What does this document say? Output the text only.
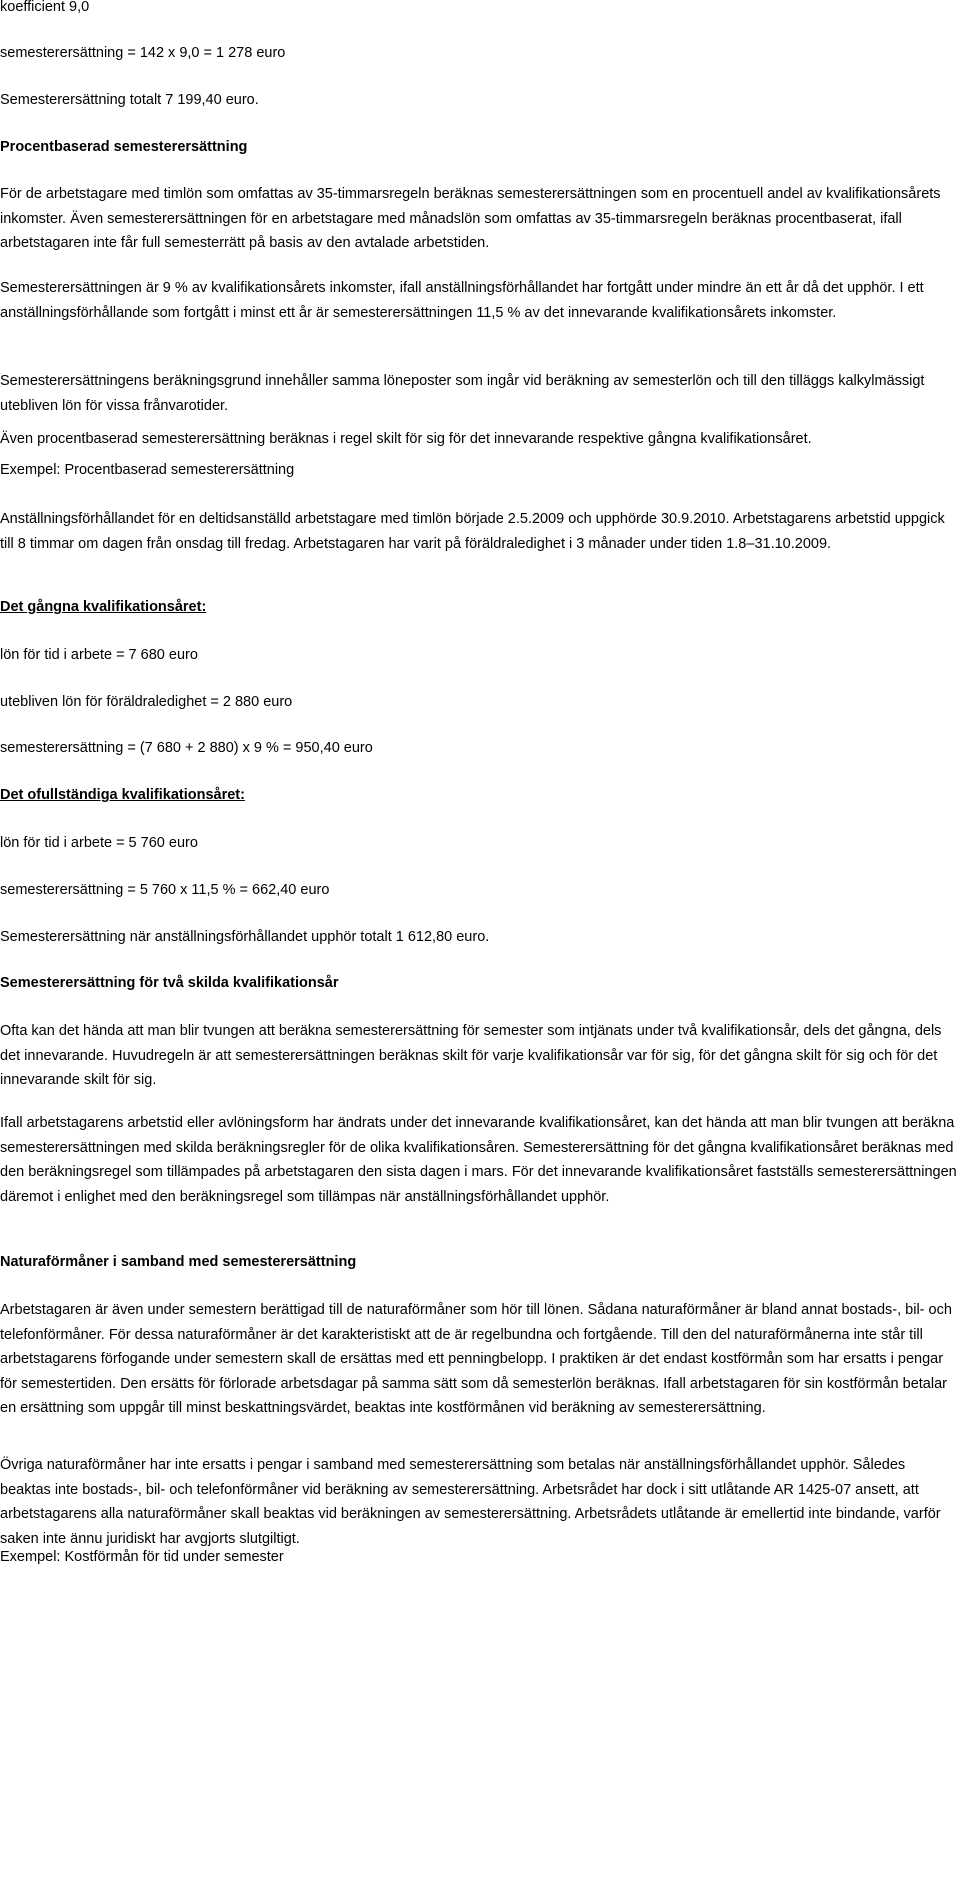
koefficient 9,0

semesterersättning = 142 x 9,0 = 1 278 euro

Semesterersättning totalt 7 199,40 euro.

Procentbaserad semesterersättning

För de arbetstagare med timlön som omfattas av 35-timmarsregeln beräknas semesterersättningen som en procentuell andel av kvalifikationsårets inkomster. Även semesterersättningen för en arbetstagare med månadslön som omfattas av 35-timmarsregeln beräknas procentbaserat, ifall arbetstagaren inte får full semesterrätt på basis av den avtalade arbetstiden.

Semesterersättningen är 9 % av kvalifikationsårets inkomster, ifall anställningsförhållandet har fortgått under mindre än ett år då det upphör. I ett anställningsförhållande som fortgått i minst ett år är semesterersättningen 11,5 % av det innevarande kvalifikationsårets inkomster.

Semesterersättningens beräkningsgrund innehåller samma löneposter som ingår vid beräkning av semesterlön och till den tilläggs kalkylmässigt utebliven lön för vissa frånvarotider.

Även procentbaserad semesterersättning beräknas i regel skilt för sig för det innevarande respektive gångna kvalifikationsåret.

Exempel: Procentbaserad semesterersättning

Anställningsförhållandet för en deltidsanställd arbetstagare med timlön började 2.5.2009 och upphörde 30.9.2010. Arbetstagarens arbetstid uppgick till 8 timmar om dagen från onsdag till fredag. Arbetstagaren har varit på föräldraledighet i 3 månader under tiden 1.8–31.10.2009.

Det gångna kvalifikationsåret:

lön för tid i arbete = 7 680 euro

utebliven lön för föräldraledighet = 2 880 euro

semesterersättning = (7 680 + 2 880) x 9 % = 950,40 euro

Det ofullständiga kvalifikationsåret:

lön för tid i arbete = 5 760 euro

semesterersättning = 5 760 x 11,5 % = 662,40 euro

Semesterersättning när anställningsförhållandet upphör totalt 1 612,80 euro.

Semesterersättning för två skilda kvalifikationsår

Ofta kan det hända att man blir tvungen att beräkna semesterersättning för semester som intjänats under två kvalifikationsår, dels det gångna, dels det innevarande. Huvudregeln är att semesterersättningen beräknas skilt för varje kvalifikationsår var för sig, för det gångna skilt för sig och för det innevarande skilt för sig.

Ifall arbetstagarens arbetstid eller avlöningsform har ändrats under det innevarande kvalifikationsåret, kan det hända att man blir tvungen att beräkna semesterersättningen med skilda beräkningsregler för de olika kvalifikationsåren. Semesterersättning för det gångna kvalifikationsåret beräknas med den beräkningsregel som tillämpades på arbetstagaren den sista dagen i mars. För det innevarande kvalifikationsåret fastställs semesterersättningen däremot i enlighet med den beräkningsregel som tillämpas när anställningsförhållandet upphör.

Naturaförmåner i samband med semesterersättning

Arbetstagaren är även under semestern berättigad till de naturaförmåner som hör till lönen. Sådana naturaförmåner är bland annat bostads-, bil- och telefonförmåner. För dessa naturaförmåner är det karakteristiskt att de är regelbundna och fortgående. Till den del naturaförmånerna inte står till arbetstagarens förfogande under semestern skall de ersättas med ett penningbelopp. I praktiken är det endast kostförmån som har ersatts i pengar för semestertiden. Den ersätts för förlorade arbetsdagar på samma sätt som då semesterlön beräknas. Ifall arbetstagaren för sin kostförmån betalar en ersättning som uppgår till minst beskattningsvärdet, beaktas inte kostförmånen vid beräkning av semesterersättning.

Övriga naturaförmåner har inte ersatts i pengar i samband med semesterersättning som betalas när anställningsförhållandet upphör. Således beaktas inte bostads-, bil- och telefonförmåner vid beräkning av semesterersättning. Arbetsrådet har dock i sitt utlåtande AR 1425-07 ansett, att arbetstagarens alla naturaförmåner skall beaktas vid beräkningen av semesterersättning. Arbetsrådets utlåtande är emellertid inte bindande, varför saken inte ännu juridiskt har avgjorts slutgiltigt.

Exempel: Kostförmån för tid under semester
